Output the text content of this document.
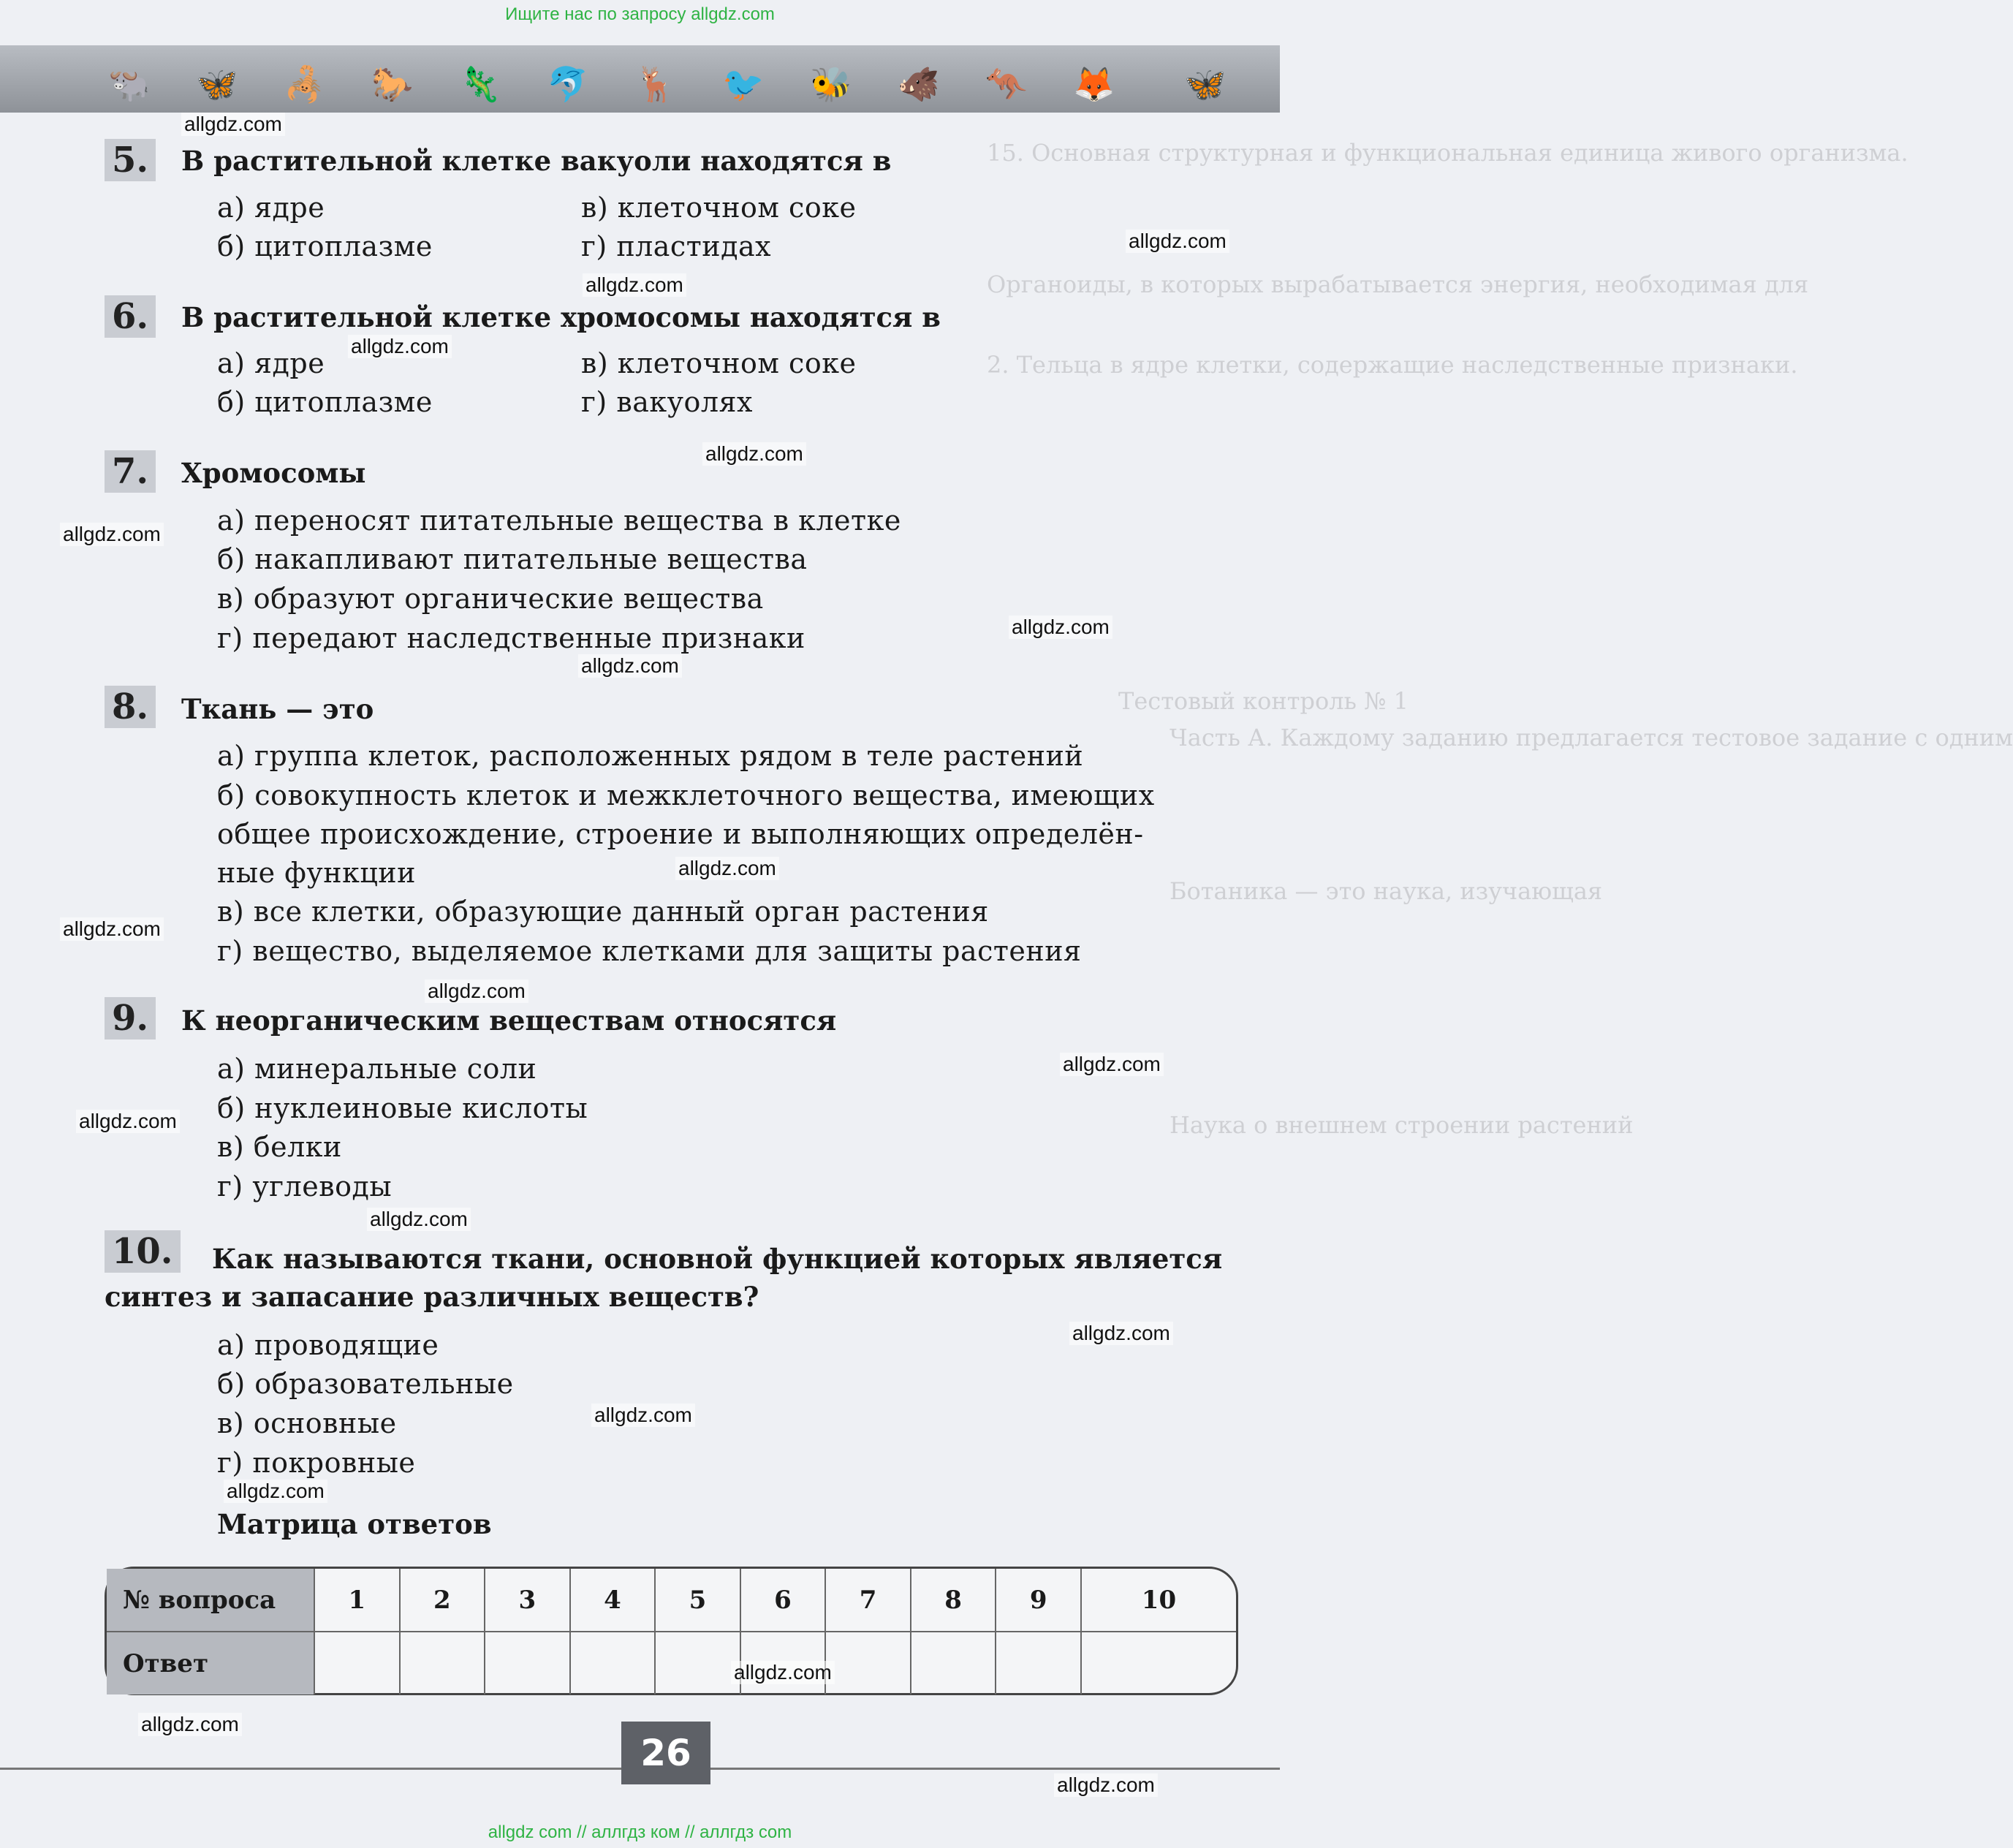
Ищите нас по запросу allgdz.com
🐃 🦋 🦂 🐎 🦎 🐬 🦌 🐦 🐝 🐗 🦘 🦊 🦋
15. Основная структурная и функциональная единица живого организма.
Органоиды, в которых вырабатывается энергия, необходимая для
2. Тельца в ядре клетки, содержащие наследственные признаки.
Тестовый контроль № 1
Часть А. Каждому заданию предлагается тестовое задание с одним
Ботаника — это наука, изучающая
Наука о внешнем строении растений
5. В растительной клетке вакуоли находятся в
а) ядре
б) цитоплазме
в) клеточном соке
г) пластидах
6. В растительной клетке хромосомы находятся в
а) ядре
б) цитоплазме
в) клеточном соке
г) вакуолях
7. Хромосомы
а) переносят питательные вещества в клетке
б) накапливают питательные вещества
в) образуют органические вещества
г) передают наследственные признаки
8. Ткань — это
а) группа клеток, расположенных рядом в теле растений
б) совокупность клеток и межклеточного вещества, имеющих
общее происхождение, строение и выполняющих определён-
ные функции
в) все клетки, образующие данный орган растения
г) вещество, выделяемое клетками для защиты растения
9. К неорганическим веществам относятся
а) минеральные соли
б) нуклеиновые кислоты
в) белки
г) углеводы
10. Как называются ткани, основной функцией которых является
синтез и запасание различных веществ?
а) проводящие
б) образовательные
в) основные
г) покровные
Матрица ответов
№ вопроса	1	2	3	4	5	6	7	8	9	10
Ответ										
26
allgdz.com
allgdz.com
allgdz.com
allgdz.com
allgdz.com
allgdz.com
allgdz.com
allgdz.com
allgdz.com
allgdz.com
allgdz.com
allgdz.com
allgdz.com
allgdz.com
allgdz.com
allgdz.com
allgdz.com
allgdz.com
allgdz.com
allgdz.com
allgdz com // аллгдз ком // аллгдз com
